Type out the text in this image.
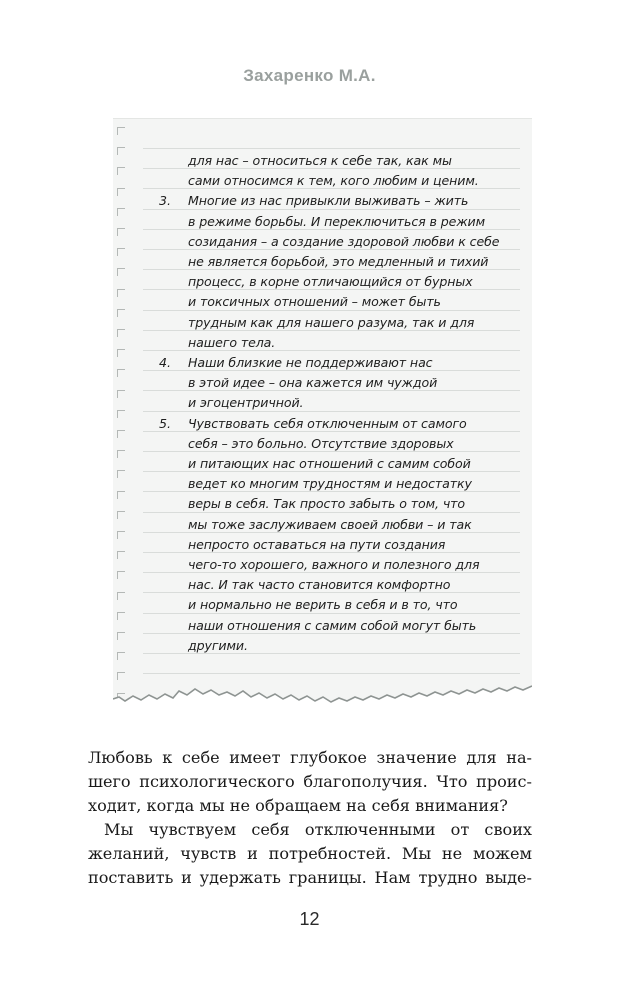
Захаренко М.А.
для нас – относиться к себе так, как мы
сами относимся к тем, кого любим и ценим.
3. Многие из нас привыкли выживать – жить
в режиме борьбы. И переключиться в режим
созидания – а создание здоровой любви к себе
не является борьбой, это медленный и тихий
процесс, в корне отличающийся от бурных
и токсичных отношений – может быть
трудным как для нашего разума, так и для
нашего тела.
4. Наши близкие не поддерживают нас
в этой идее – она кажется им чуждой
и эгоцентричной.
5. Чувствовать себя отключенным от самого
себя – это больно. Отсутствие здоровых
и питающих нас отношений с самим собой
ведет ко многим трудностям и недостатку
веры в себя. Так просто забыть о том, что
мы тоже заслуживаем своей любви – и так
непросто оставаться на пути создания
чего-то хорошего, важного и полезного для
нас. И так часто становится комфортно
и нормально не верить в себя и в то, что
наши отношения с самим собой могут быть
другими.
Любовь к себе имеет глубокое значение для на-
шего психологического благополучия. Что проис-
ходит, когда мы не обращаем на себя внимания?
Мы чувствуем себя отключенными от своих
желаний, чувств и потребностей. Мы не можем
поставить и удержать границы. Нам трудно выде-
12
